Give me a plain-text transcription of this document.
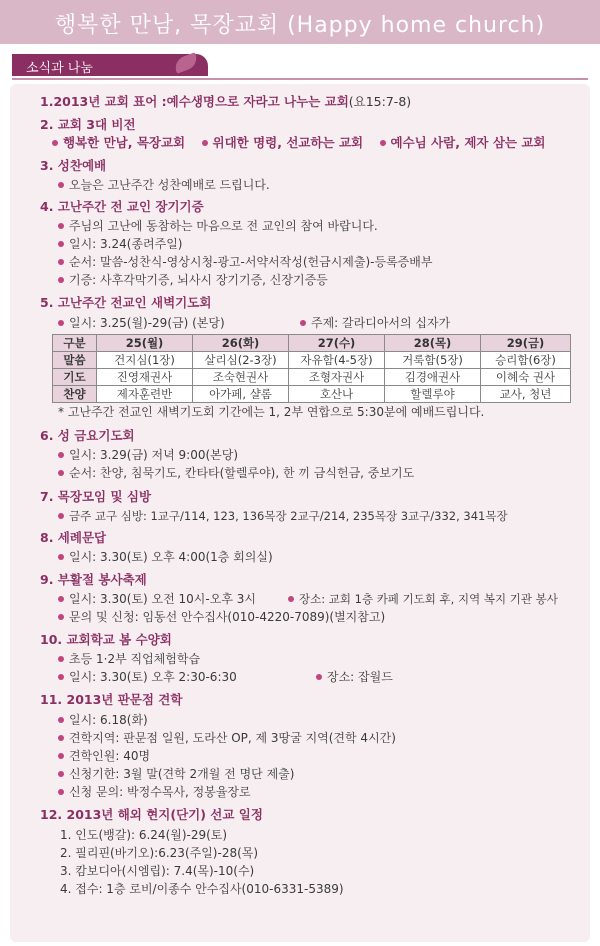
행복한 만남, 목장교회 (Happy home church)
소식과 나눔
1.2013년 교회 표어 :예수생명으로 자라고 나누는 교회(요15:7-8)
2. 교회 3대 비전
행복한 만남, 목장교회 위대한 명령, 선교하는 교회 예수님 사람, 제자 삼는 교회
3. 성찬예배
오늘은 고난주간 성찬예배로 드립니다.
4. 고난주간 전 교인 장기기증
주님의 고난에 동참하는 마음으로 전 교인의 참여 바랍니다.
일시: 3.24(종려주일)
순서: 말씀-성찬식-영상시청-광고-서약서작성(헌금시제출)-등록증배부
기증: 사후각막기증, 뇌사시 장기기증, 신장기증등
5. 고난주간 전교인 새벽기도회
일시: 3.25(월)-29(금) (본당)	주제: 갈라디아서의 십자가
구분	25(월)	26(화)	27(수)	28(목)	29(금)
말씀	건지심(1장)	살리심(2-3장)	자유함(4-5장)	거룩함(5장)	승리함(6장)
기도	진영재권사	조숙현권사	조형자권사	김경애권사	이혜숙 권사
찬양	제자훈련반	아가페, 샬롬	호산나	할렐루야	교사, 청년
* 고난주간 전교인 새벽기도회 기간에는 1, 2부 연합으로 5:30분에 예배드립니다.
6. 성 금요기도회
일시: 3.29(금) 저녁 9:00(본당)
순서: 찬양, 침묵기도, 칸타타(할렐루야), 한 끼 금식헌금, 중보기도
7. 목장모임 및 심방
금주 교구 심방: 1교구/114, 123, 136목장 2교구/214, 235목장 3교구/332, 341목장
8. 세례문답
일시: 3.30(토) 오후 4:00(1층 회의실)
9. 부활절 봉사축제
일시: 3.30(토) 오전 10시-오후 3시	장소: 교회 1층 카페 기도회 후, 지역 복지 기관 봉사
문의 및 신청: 임동선 안수집사(010-4220-7089)(별지참고)
10. 교회학교 봄 수양회
초등 1·2부 직업체험학습
일시: 3.30(토) 오후 2:30-6:30	장소: 잡월드
11. 2013년 판문점 견학
일시: 6.18(화)
견학지역: 판문점 일원, 도라산 OP, 제 3땅굴 지역(견학 4시간)
견학인원: 40명
신청기한: 3월 말(견학 2개월 전 명단 제출)
신청 문의: 박정수목사, 정봉율장로
12. 2013년 해외 현지(단기) 선교 일정
1. 인도(뱅갈): 6.24(월)-29(토)
2. 필리핀(바기오):6.23(주일)-28(목)
3. 캄보디아(시엠립): 7.4(목)-10(수)
4. 접수: 1층 로비/이종수 안수집사(010-6331-5389)
